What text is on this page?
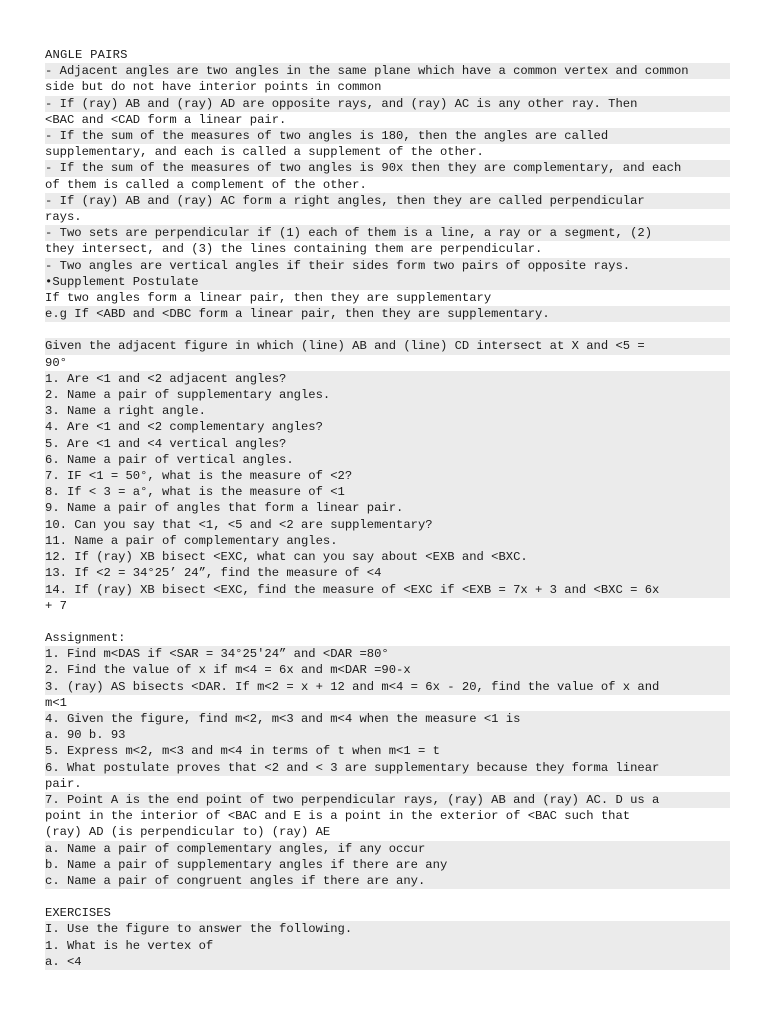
ANGLE PAIRS
- Adjacent angles are two angles in the same plane which have a common vertex and common
side but do not have interior points in common
- If (ray) AB and (ray) AD are opposite rays, and (ray) AC is any other ray. Then
<BAC and <CAD form a linear pair.
- If the sum of the measures of two angles is 180, then the angles are called
supplementary, and each is called a supplement of the other.
- If the sum of the measures of two angles is 90x then they are complementary, and each
of them is called a complement of the other.
- If (ray) AB and (ray) AC form a right angles, then they are called perpendicular
rays.
- Two sets are perpendicular if (1) each of them is a line, a ray or a segment, (2)
they intersect, and (3) the lines containing them are perpendicular.
- Two angles are vertical angles if their sides form two pairs of opposite rays.
•Supplement Postulate
If two angles form a linear pair, then they are supplementary
e.g If <ABD and <DBC form a linear pair, then they are supplementary.
Given the adjacent figure in which (line) AB and (line) CD intersect at X and <5 =
90°
1. Are <1 and <2 adjacent angles?
2. Name a pair of supplementary angles.
3. Name a right angle.
4. Are <1 and <2 complementary angles?
5. Are <1 and <4 vertical angles?
6. Name a pair of vertical angles.
7. IF <1 = 50°, what is the measure of <2?
8. If < 3 = a°, what is the measure of <1
9. Name a pair of angles that form a linear pair.
10. Can you say that <1, <5 and <2 are supplementary?
11. Name a pair of complementary angles.
12. If (ray) XB bisect <EXC, what can you say about <EXB and <BXC.
13. If <2 = 34°25’ 24”, find the measure of <4
14. If (ray) XB bisect <EXC, find the measure of <EXC if <EXB = 7x + 3 and <BXC = 6x
+ 7
Assignment:
1. Find m<DAS if <SAR = 34°25'24” and <DAR =80°
2. Find the value of x if m<4 = 6x and m<DAR =90-x
3. (ray) AS bisects <DAR. If m<2 = x + 12 and m<4 = 6x - 20, find the value of x and
m<1
4. Given the figure, find m<2, m<3 and m<4 when the measure <1 is
a. 90 b. 93
5. Express m<2, m<3 and m<4 in terms of t when m<1 = t
6. What postulate proves that <2 and < 3 are supplementary because they forma linear
pair.
7. Point A is the end point of two perpendicular rays, (ray) AB and (ray) AC. D us a
point in the interior of <BAC and E is a point in the exterior of <BAC such that
(ray) AD (is perpendicular to) (ray) AE
a. Name a pair of complementary angles, if any occur
b. Name a pair of supplementary angles if there are any
c. Name a pair of congruent angles if there are any.
EXERCISES
I. Use the figure to answer the following.
1. What is he vertex of
a. <4
